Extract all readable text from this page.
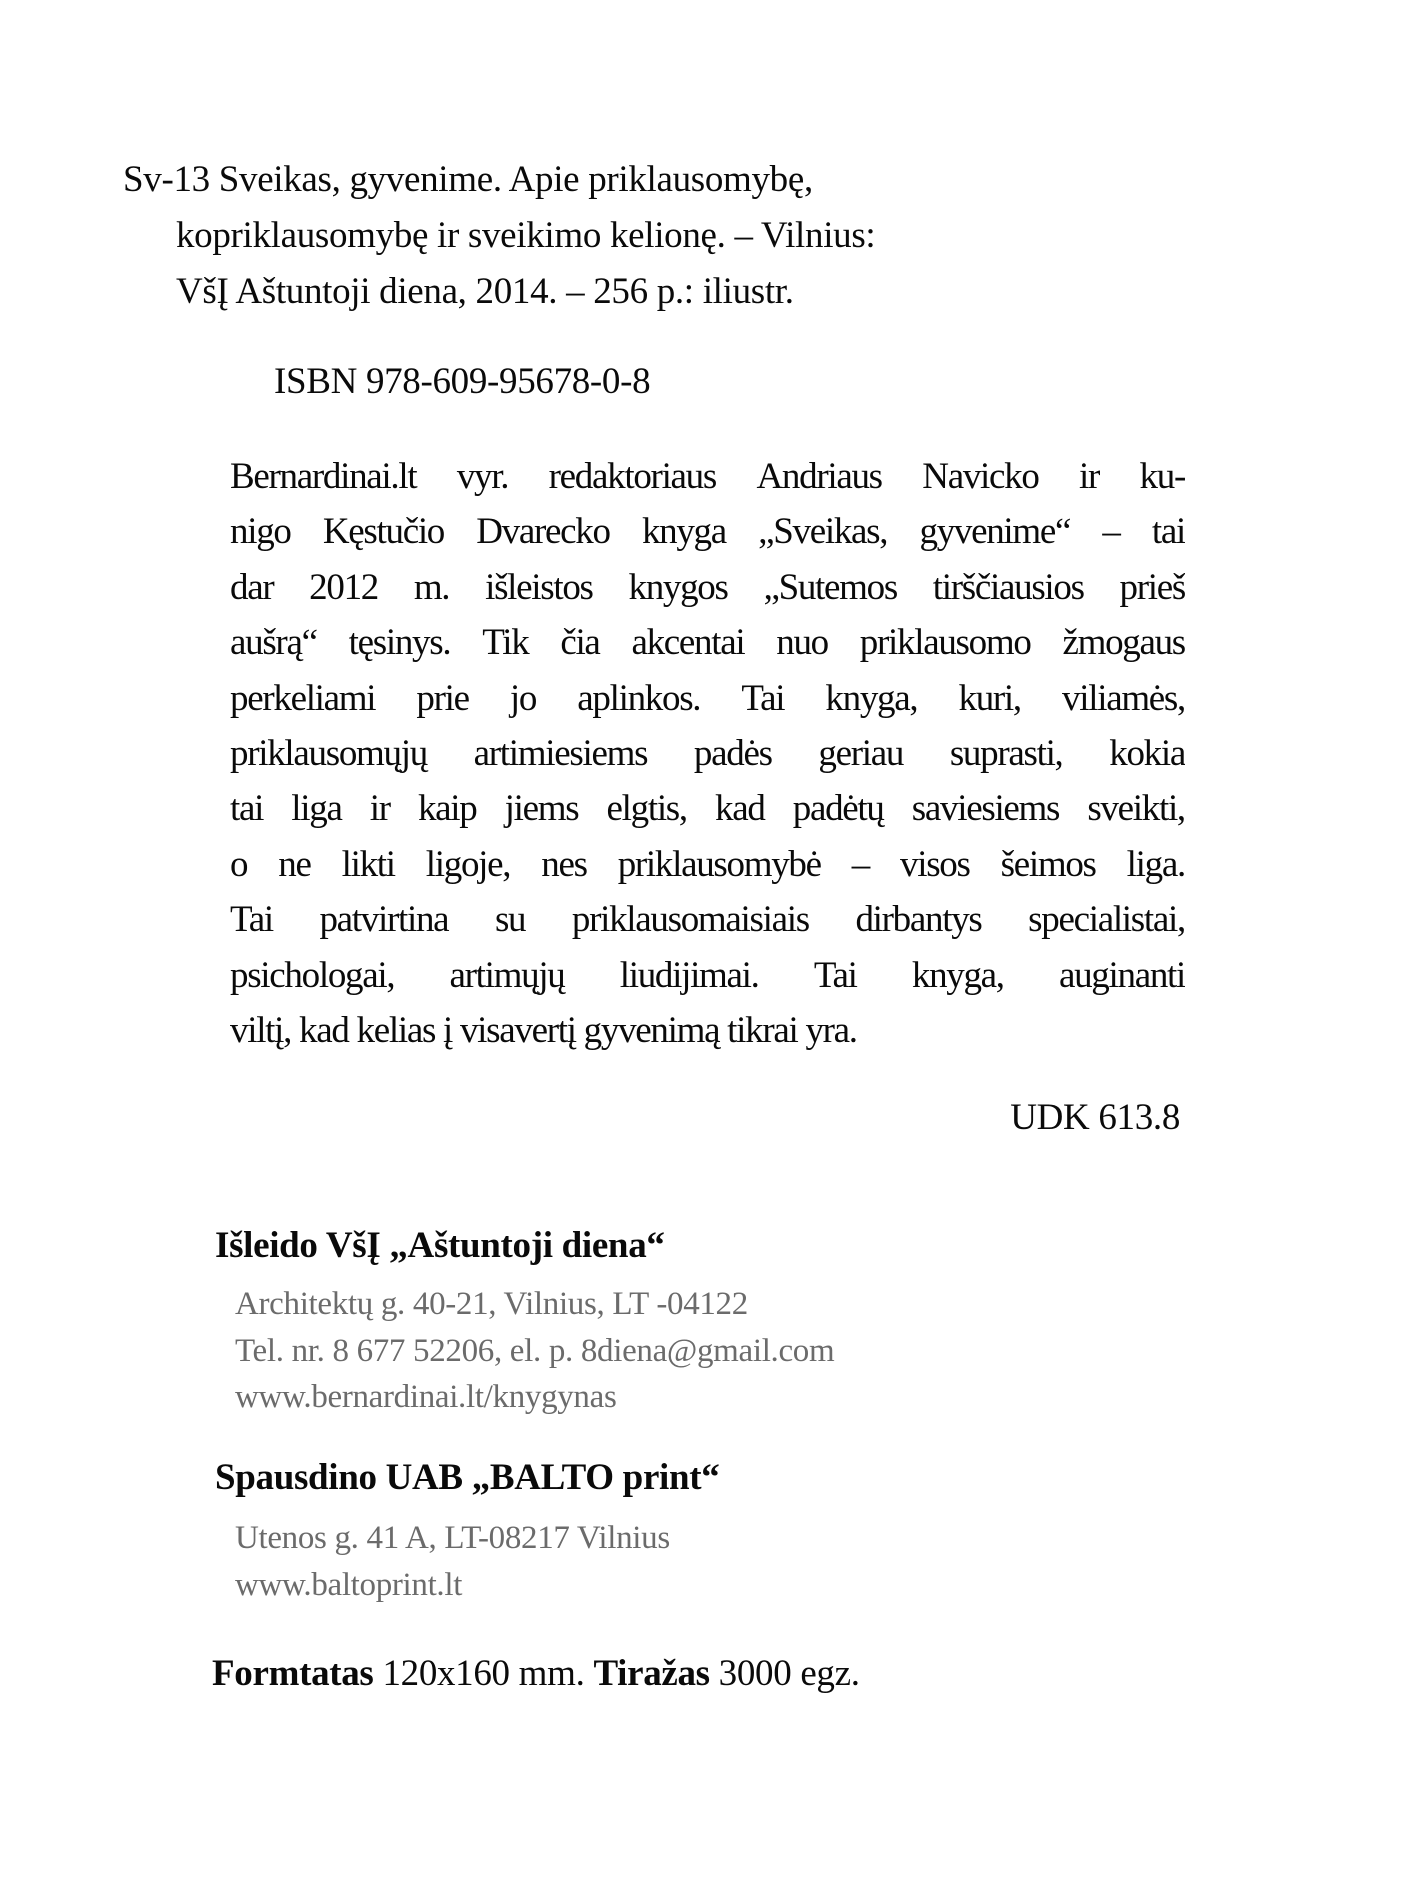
Sv-13 Sveikas, gyvenime. Apie priklausomybę,
kopriklausomybę ir sveikimo kelionę. – Vilnius:
VšĮ Aštuntoji diena, 2014. – 256 p.: iliustr.
ISBN 978-609-95678-0-8
Bernardinai.lt vyr. redaktoriaus Andriaus Navicko ir ku-
nigo Kęstučio Dvarecko knyga „Sveikas, gyvenime“ – tai
dar 2012 m. išleistos knygos „Sutemos tirščiausios prieš
aušrą“ tęsinys. Tik čia akcentai nuo priklausomo žmogaus
perkeliami prie jo aplinkos. Tai knyga, kuri, viliamės,
priklausomųjų artimiesiems padės geriau suprasti, kokia
tai liga ir kaip jiems elgtis, kad padėtų saviesiems sveikti,
o ne likti ligoje, nes priklausomybė – visos šeimos liga.
Tai patvirtina su priklausomaisiais dirbantys specialistai,
psichologai, artimųjų liudijimai. Tai knyga, auginanti
viltį, kad kelias į visavertį gyvenimą tikrai yra.
UDK 613.8
Išleido VšĮ „Aštuntoji diena“
Architektų g. 40-21, Vilnius, LT -04122
Tel. nr. 8 677 52206, el. p. 8diena@gmail.com
www.bernardinai.lt/knygynas
Spausdino UAB „BALTO print“
Utenos g. 41 A, LT-08217 Vilnius
www.baltoprint.lt
Formtatas 120x160 mm. Tiražas 3000 egz.
